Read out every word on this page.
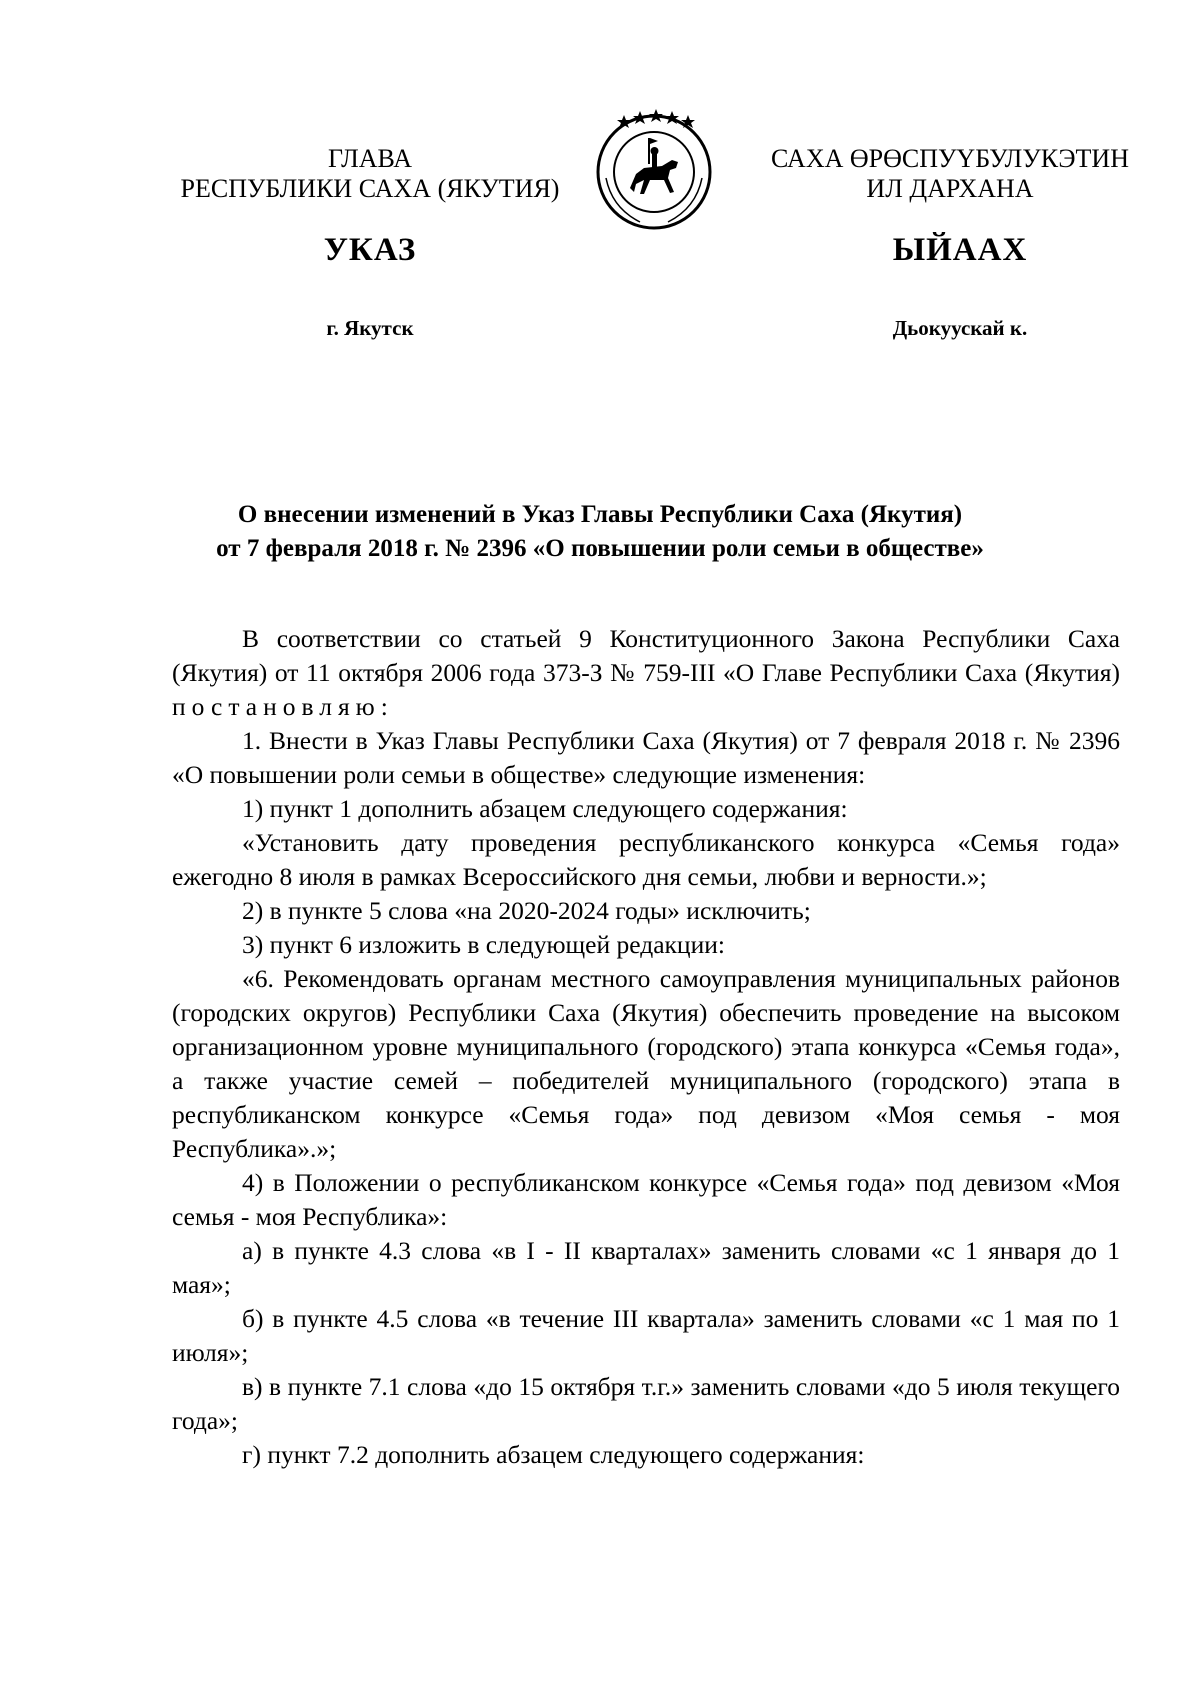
ГЛАВА
РЕСПУБЛИКИ САХА (ЯКУТИЯ)
САХА ӨРӨСПУҮБУЛУКЭТИН
ИЛ ДАРХАНА
УКАЗ	ЫЙААХ
г. Якутск	Дьокуускай к.
О внесении изменений в Указ Главы Республики Саха (Якутия)
от 7 февраля 2018 г. № 2396 «О повышении роли семьи в обществе»

В соответствии со статьей 9 Конституционного Закона Республики Саха (Якутия) от 11 октября 2006 года 373-З № 759-III «О Главе Республики Саха (Якутия) постановляю:

1. Внести в Указ Главы Республики Саха (Якутия) от 7 февраля 2018 г. № 2396 «О повышении роли семьи в обществе» следующие изменения:

1) пункт 1 дополнить абзацем следующего содержания:

«Установить дату проведения республиканского конкурса «Семья года» ежегодно 8 июля в рамках Всероссийского дня семьи, любви и верности.»;

2) в пункте 5 слова «на 2020-2024 годы» исключить;

3) пункт 6 изложить в следующей редакции:

«6. Рекомендовать органам местного самоуправления муниципальных районов (городских округов) Республики Саха (Якутия) обеспечить проведение на высоком организационном уровне муниципального (городского) этапа конкурса «Семья года», а также участие семей – победителей муниципального (городского) этапа в республиканском конкурсе «Семья года» под девизом «Моя семья - моя Республика».»;

4) в Положении о республиканском конкурсе «Семья года» под девизом «Моя семья - моя Республика»:

а) в пункте 4.3 слова «в I - II кварталах» заменить словами «с 1 января до 1 мая»;

б) в пункте 4.5 слова «в течение III квартала» заменить словами «с 1 мая по 1 июля»;

в) в пункте 7.1 слова «до 15 октября т.г.» заменить словами «до 5 июля текущего года»;

г) пункт 7.2 дополнить абзацем следующего содержания:
